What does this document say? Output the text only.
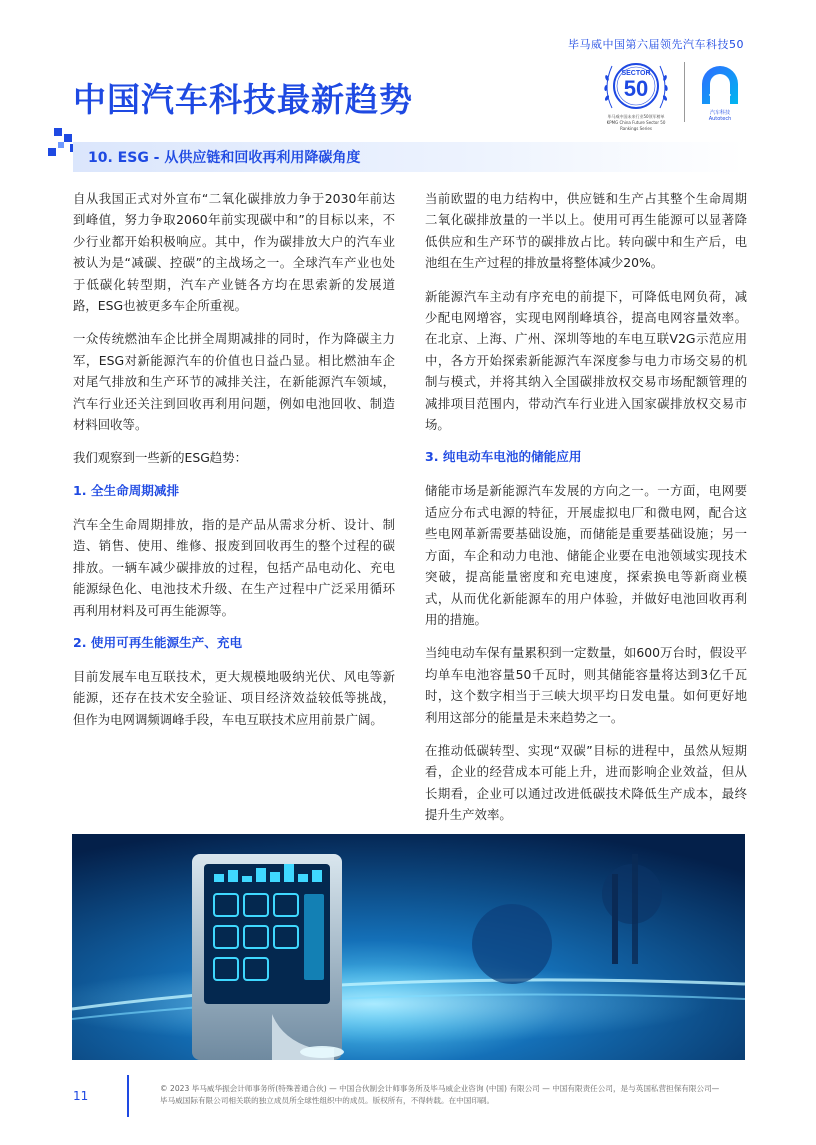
毕马威中国第六届领先汽车科技50
中国汽车科技最新趋势
SECTOR
50
毕马威中国未来行业50领军榜单
KPMG China Future Sector 50 Rankings Series
汽车科技
Autotech
10. ESG - 从供应链和回收再利用降碳角度

自从我国正式对外宣布“二氧化碳排放力争于2030年前达到峰值，努力争取2060年前实现碳中和”的目标以来，不少行业都开始积极响应。其中，作为碳排放大户的汽车业被认为是“减碳、控碳”的主战场之一。全球汽车产业也处于低碳化转型期，汽车产业链各方均在思索新的发展道路，ESG也被更多车企所重视。

一众传统燃油车企比拼全周期减排的同时，作为降碳主力军，ESG对新能源汽车的价值也日益凸显。相比燃油车企对尾气排放和生产环节的减排关注，在新能源汽车领域，汽车行业还关注到回收再利用问题，例如电池回收、制造材料回收等。

我们观察到一些新的ESG趋势：

1. 全生命周期减排

汽车全生命周期排放，指的是产品从需求分析、设计、制造、销售、使用、维修、报废到回收再生的整个过程的碳排放。一辆车减少碳排放的过程，包括产品电动化、充电能源绿色化、电池技术升级、在生产过程中广泛采用循环再利用材料及可再生能源等。

2. 使用可再生能源生产、充电

目前发展车电互联技术，更大规模地吸纳光伏、风电等新能源，还存在技术安全验证、项目经济效益较低等挑战，但作为电网调频调峰手段，车电互联技术应用前景广阔。

当前欧盟的电力结构中，供应链和生产占其整个生命周期二氧化碳排放量的一半以上。使用可再生能源可以显著降低供应和生产环节的碳排放占比。转向碳中和生产后，电池组在生产过程的排放量将整体减少20%。

新能源汽车主动有序充电的前提下，可降低电网负荷，减少配电网增容，实现电网削峰填谷，提高电网容量效率。在北京、上海、广州、深圳等地的车电互联V2G示范应用中，各方开始探索新能源汽车深度参与电力市场交易的机制与模式，并将其纳入全国碳排放权交易市场配额管理的减排项目范围内，带动汽车行业进入国家碳排放权交易市场。

3. 纯电动车电池的储能应用

储能市场是新能源汽车发展的方向之一。一方面，电网要适应分布式电源的特征，开展虚拟电厂和微电网，配合这些电网革新需要基础设施，而储能是重要基础设施；另一方面，车企和动力电池、储能企业要在电池领域实现技术突破，提高能量密度和充电速度，探索换电等新商业模式，从而优化新能源车的用户体验，并做好电池回收再利用的措施。

当纯电动车保有量累积到一定数量，如600万台时，假设平均单车电池容量50千瓦时，则其储能容量将达到3亿千瓦时，这个数字相当于三峡大坝平均日发电量。如何更好地利用这部分的能量是未来趋势之一。

在推动低碳转型、实现“双碳”目标的进程中，虽然从短期看，企业的经营成本可能上升，进而影响企业效益，但从长期看，企业可以通过改进低碳技术降低生产成本，最终提升生产效率。

11
© 2023 毕马威华振会计师事务所(特殊普通合伙) — 中国合伙制会计师事务所及毕马威企业咨询 (中国) 有限公司 — 中国有限责任公司，是与英国私营担保有限公司—
毕马威国际有限公司相关联的独立成员所全球性组织中的成员。版权所有，不得转载。在中国印刷。
